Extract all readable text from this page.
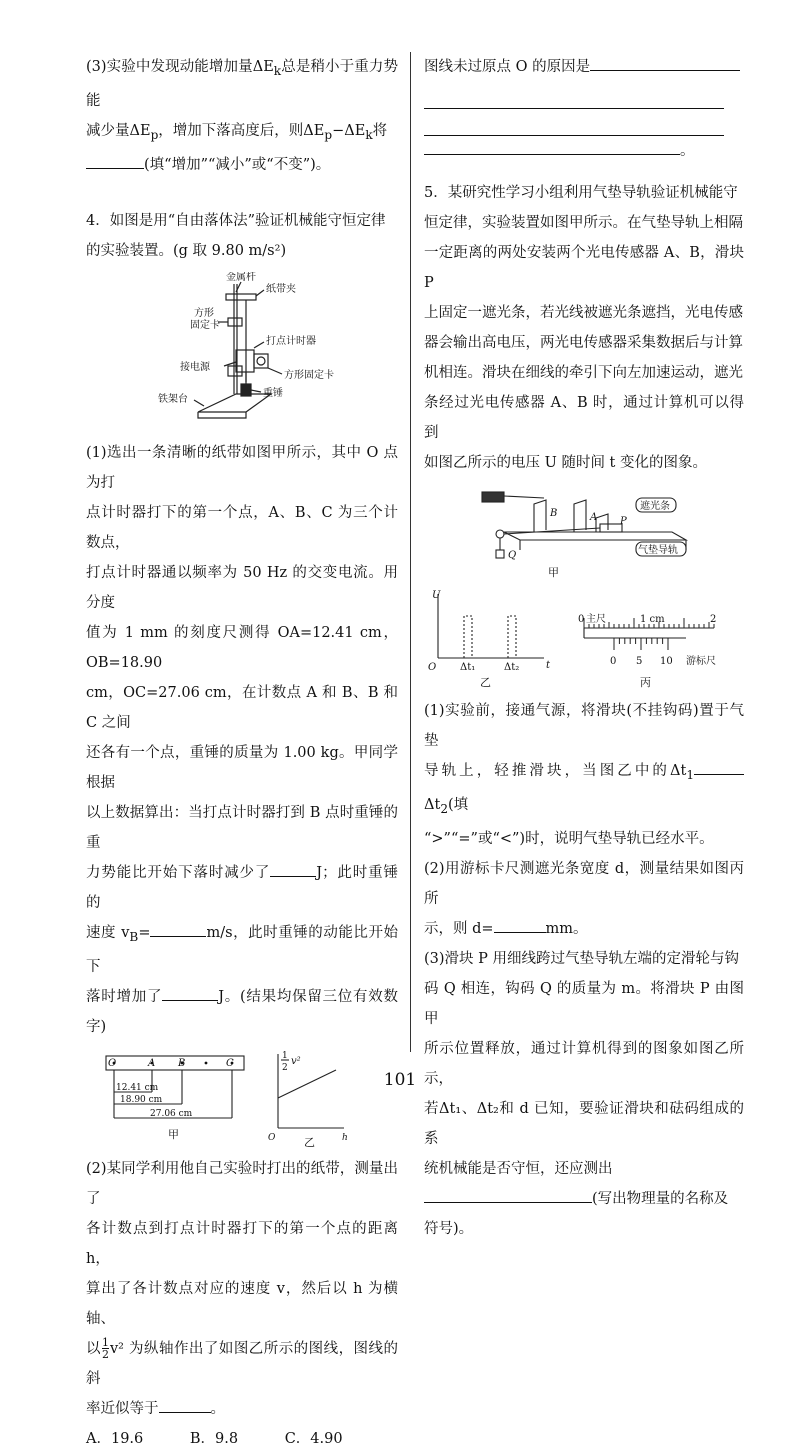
(3)实验中发现动能增加量$\Delta E_k$总是稍小于重力势能

减少量$\Delta E_p$，增加下落高度后，则$\Delta E_p-\Delta E_k$将

(填“增加”“减小”或“不变”)。

4．如图是用“自由落体法”验证机械能守恒定律

的实验装置。(g 取 9.80 m/s²)

金属杆
纸带夹
方形
固定卡
打点计时器
接电源
方形固定卡
重锤
铁架台

(1)选出一条清晰的纸带如图甲所示，其中 O 点为打

点计时器打下的第一个点，A、B、C 为三个计数点，

打点计时器通以频率为 50 Hz 的交变电流。用分度

值为 1 mm 的刻度尺测得 OA=12.41 cm，OB=18.90

cm，OC=27.06 cm，在计数点 A 和 B、B 和 C 之间

还各有一个点，重锤的质量为 1.00 kg。甲同学根据

以上数据算出：当打点计时器打到 B 点时重锤的重

力势能比开始下落时减少了	J；此时重锤的

速度 $v_B=$	m/s，此时重锤的动能比开始下

落时增加了	J。(结果均保留三位有效数字)

O	A B	C
12.41 cm
18.90 cm
27.06 cm
甲
1
2
v²
O	h
乙

(2)某同学利用他自己实验时打出的纸带，测量出了

各计数点到打点计时器打下的第一个点的距离 h，

算出了各计数点对应的速度 v，然后以 h 为横轴、

以 $\frac{1}{2} v^2$ 为纵轴作出了如图乙所示的图线，图线的斜

率近似等于	。

A．19.6	B．9.8	C．4.90

图线未过原点 O 的原因是

。

5．某研究性学习小组利用气垫导轨验证机械能守

恒定律，实验装置如图甲所示。在气垫导轨上相隔

一定距离的两处安装两个光电传感器 A、B，滑块 P

上固定一遮光条，若光线被遮光条遮挡，光电传感

器会输出高电压，两光电传感器采集数据后与计算

机相连。滑块在细线的牵引下向左加速运动，遮光

条经过光电传感器 A、B 时，通过计算机可以得到

如图乙所示的电压 U 随时间 t 变化的图象。

B	A P
Q
遮光条
气垫导轨
甲
U
O	t
Δt₁	Δt₂
乙
0 主尺	1 cm	2
0 5 10 游标尺
丙

(1)实验前，接通气源，将滑块(不挂钩码)置于气垫

导轨上，轻推滑块，当图乙中的$\Delta t_1\Delta t_2$(填

“>”“=”或“<”)时，说明气垫导轨已经水平。

(2)用游标卡尺测遮光条宽度 d，测量结果如图丙所

示，则 d=	mm。

(3)滑块 P 用细线跨过气垫导轨左端的定滑轮与钩

码 Q 相连，钩码 Q 的质量为 m。将滑块 P 由图甲

所示位置释放，通过计算机得到的图象如图乙所示，

若Δt₁、Δt₂和 d 已知，要验证滑块和砝码组成的系

统机械能是否守恒，还应测出

(写出物理量的名称及

符号)。

101
